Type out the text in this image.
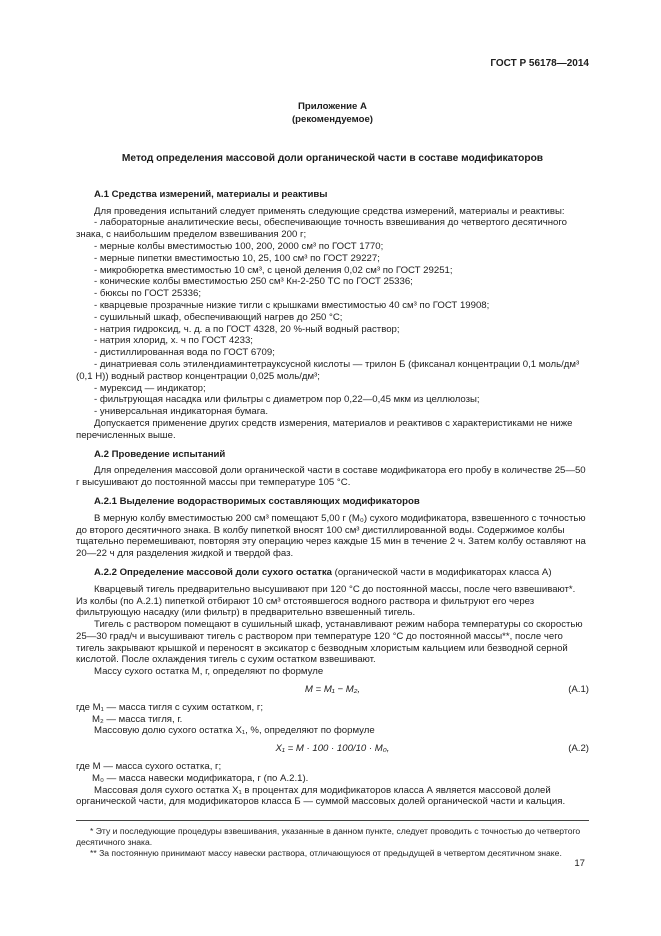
ГОСТ Р 56178—2014
Приложение А
(рекомендуемое)
Метод определения массовой доли органической части в составе модификаторов

А.1 Средства измерений, материалы и реактивы

Для проведения испытаний следует применять следующие средства измерений, материалы и реактивы:

- лабораторные аналитические весы, обеспечивающие точность взвешивания до четвертого десятичного знака, с наибольшим пределом взвешивания 200 г;

- мерные колбы вместимостью 100, 200, 2000 см³ по ГОСТ 1770;

- мерные пипетки вместимостью 10, 25, 100 см³ по ГОСТ 29227;

- микробюретка вместимостью 10 см³, с ценой деления 0,02 см³ по ГОСТ 29251;

- конические колбы вместимостью 250 см³ Кн-2-250 ТС по ГОСТ 25336;

- бюксы по ГОСТ 25336;

- кварцевые прозрачные низкие тигли с крышками вместимостью 40 см³ по ГОСТ 19908;

- сушильный шкаф, обеспечивающий нагрев до 250 °С;

- натрия гидроксид, ч. д. а по ГОСТ 4328, 20 %-ный водный раствор;

- натрия хлорид, х. ч по ГОСТ 4233;

- дистиллированная вода по ГОСТ 6709;

- динатриевая соль этилендиаминтетрауксусной кислоты — трилон Б (фиксанал концентрации 0,1 моль/дм³ (0,1 Н)) водный раствор концентрации 0,025 моль/дм³;

- мурексид — индикатор;

- фильтрующая насадка или фильтры с диаметром пор 0,22—0,45 мкм из целлюлозы;

- универсальная индикаторная бумага.

Допускается применение других средств измерения, материалов и реактивов с характеристиками не ниже перечисленных выше.

А.2 Проведение испытаний

Для определения массовой доли органической части в составе модификатора его пробу в количестве 25—50 г высушивают до постоянной массы при температуре 105 °С.

А.2.1 Выделение водорастворимых составляющих модификаторов

В мерную колбу вместимостью 200 см³ помещают 5,00 г (М₀) сухого модификатора, взвешенного с точностью до второго десятичного знака. В колбу пипеткой вносят 100 см³ дистиллированной воды. Содержимое колбы тщательно перемешивают, повторяя эту операцию через каждые 15 мин в течение 2 ч. Затем колбу оставляют на 20—22 ч для разделения жидкой и твердой фаз.

А.2.2 Определение массовой доли сухого остатка (органической части в модификаторах класса А)

Кварцевый тигель предварительно высушивают при 120 °С до постоянной массы, после чего взвешивают*. Из колбы (по А.2.1) пипеткой отбирают 10 см³ отстоявшегося водного раствора и фильтруют его через фильтрующую насадку (или фильтр) в предварительно взвешенный тигель.

Тигель с раствором помещают в сушильный шкаф, устанавливают режим набора температуры со скоростью 25—30 град/ч и высушивают тигель с раствором при температуре 120 °С до постоянной массы**, после чего тигель закрывают крышкой и переносят в эксикатор с безводным хлористым кальцием или безводной серной кислотой. После охлаждения тигель с сухим остатком взвешивают.

Массу сухого остатка М, г, определяют по формуле

М = М₁ − М₂,	(А.1)

где М₁ — масса тигля с сухим остатком, г;

М₂ — масса тигля, г.

Массовую долю сухого остатка Х₁, %, определяют по формуле

Х₁ = М · 100 · 100/10 · М₀,	(А.2)

где М — масса сухого остатка, г;

М₀ — масса навески модификатора, г (по А.2.1).

Массовая доля сухого остатка Х₁ в процентах для модификаторов класса А является массовой долей органической части, для модификаторов класса Б — суммой массовых долей органической части и кальция.

* Эту и последующие процедуры взвешивания, указанные в данном пункте, следует проводить с точностью до четвертого десятичного знака.

** За постоянную принимают массу навески раствора, отличающуюся от предыдущей в четвертом десятичном знаке.

17
